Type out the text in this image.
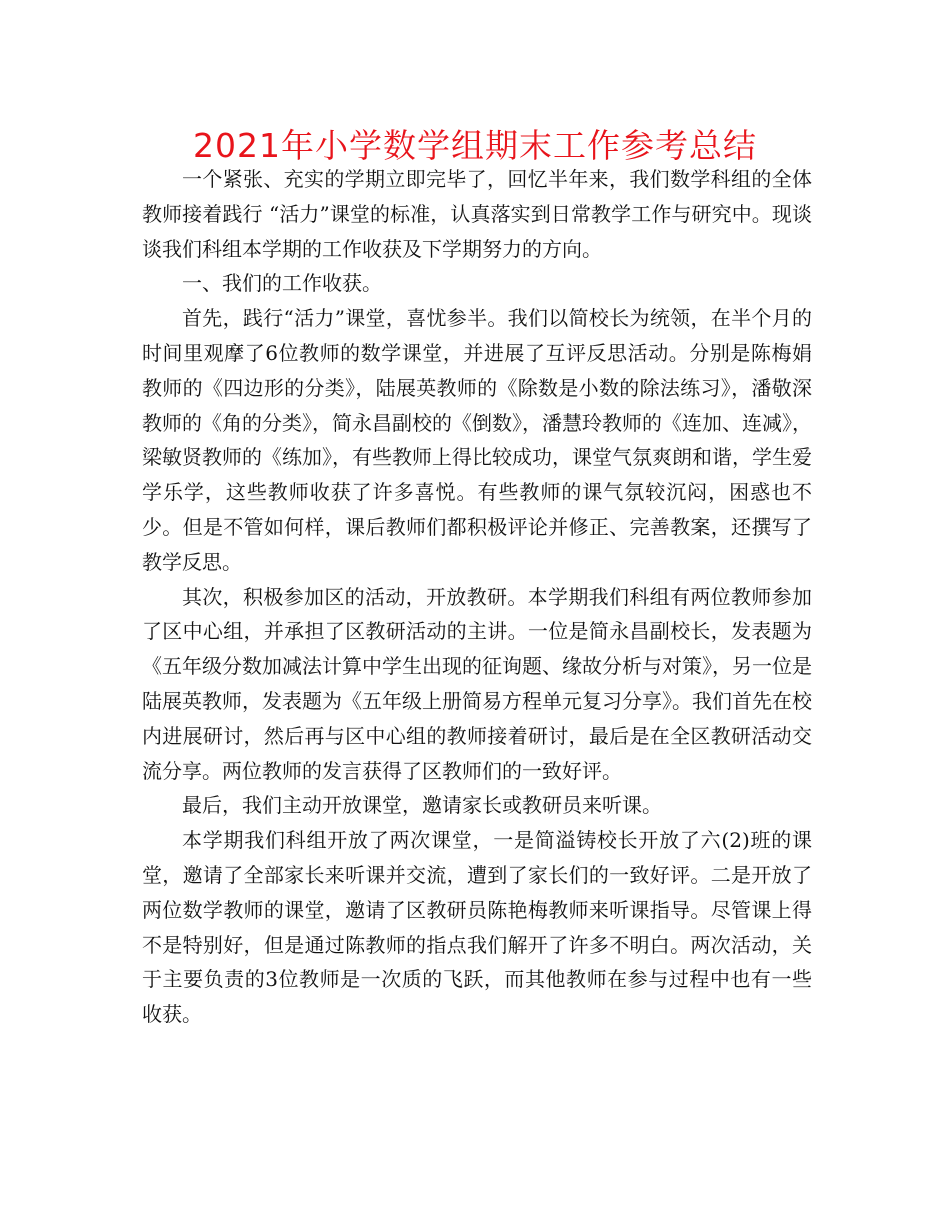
2021年小学数学组期末工作参考总结

一个紧张、充实的学期立即完毕了，回忆半年来，我们数学科组的全体教师接着践行 “活力”课堂的标准，认真落实到日常教学工作与研究中。现谈谈我们科组本学期的工作收获及下学期努力的方向。

一、我们的工作收获。

首先，践行“活力”课堂，喜忧参半。我们以简校长为统领，在半个月的时间里观摩了6位教师的数学课堂，并进展了互评反思活动。分别是陈梅娟教师的《四边形的分类》，陆展英教师的《除数是小数的除法练习》，潘敬深教师的《角的分类》，简永昌副校的《倒数》，潘慧玲教师的《连加、连减》，梁敏贤教师的《练加》，有些教师上得比较成功，课堂气氛爽朗和谐，学生爱学乐学，这些教师收获了许多喜悦。有些教师的课气氛较沉闷，困惑也不少。但是不管如何样，课后教师们都积极评论并修正、完善教案，还撰写了教学反思。

其次，积极参加区的活动，开放教研。本学期我们科组有两位教师参加了区中心组，并承担了区教研活动的主讲。一位是简永昌副校长，发表题为《五年级分数加减法计算中学生出现的征询题、缘故分析与对策》，另一位是陆展英教师，发表题为《五年级上册简易方程单元复习分享》。我们首先在校内进展研讨，然后再与区中心组的教师接着研讨，最后是在全区教研活动交流分享。两位教师的发言获得了区教师们的一致好评。

最后，我们主动开放课堂，邀请家长或教研员来听课。

本学期我们科组开放了两次课堂，一是简溢铸校长开放了六(2)班的课堂，邀请了全部家长来听课并交流，遭到了家长们的一致好评。二是开放了两位数学教师的课堂，邀请了区教研员陈艳梅教师来听课指导。尽管课上得不是特别好，但是通过陈教师的指点我们解开了许多不明白。两次活动，关于主要负责的3位教师是一次质的飞跃，而其他教师在参与过程中也有一些收获。
